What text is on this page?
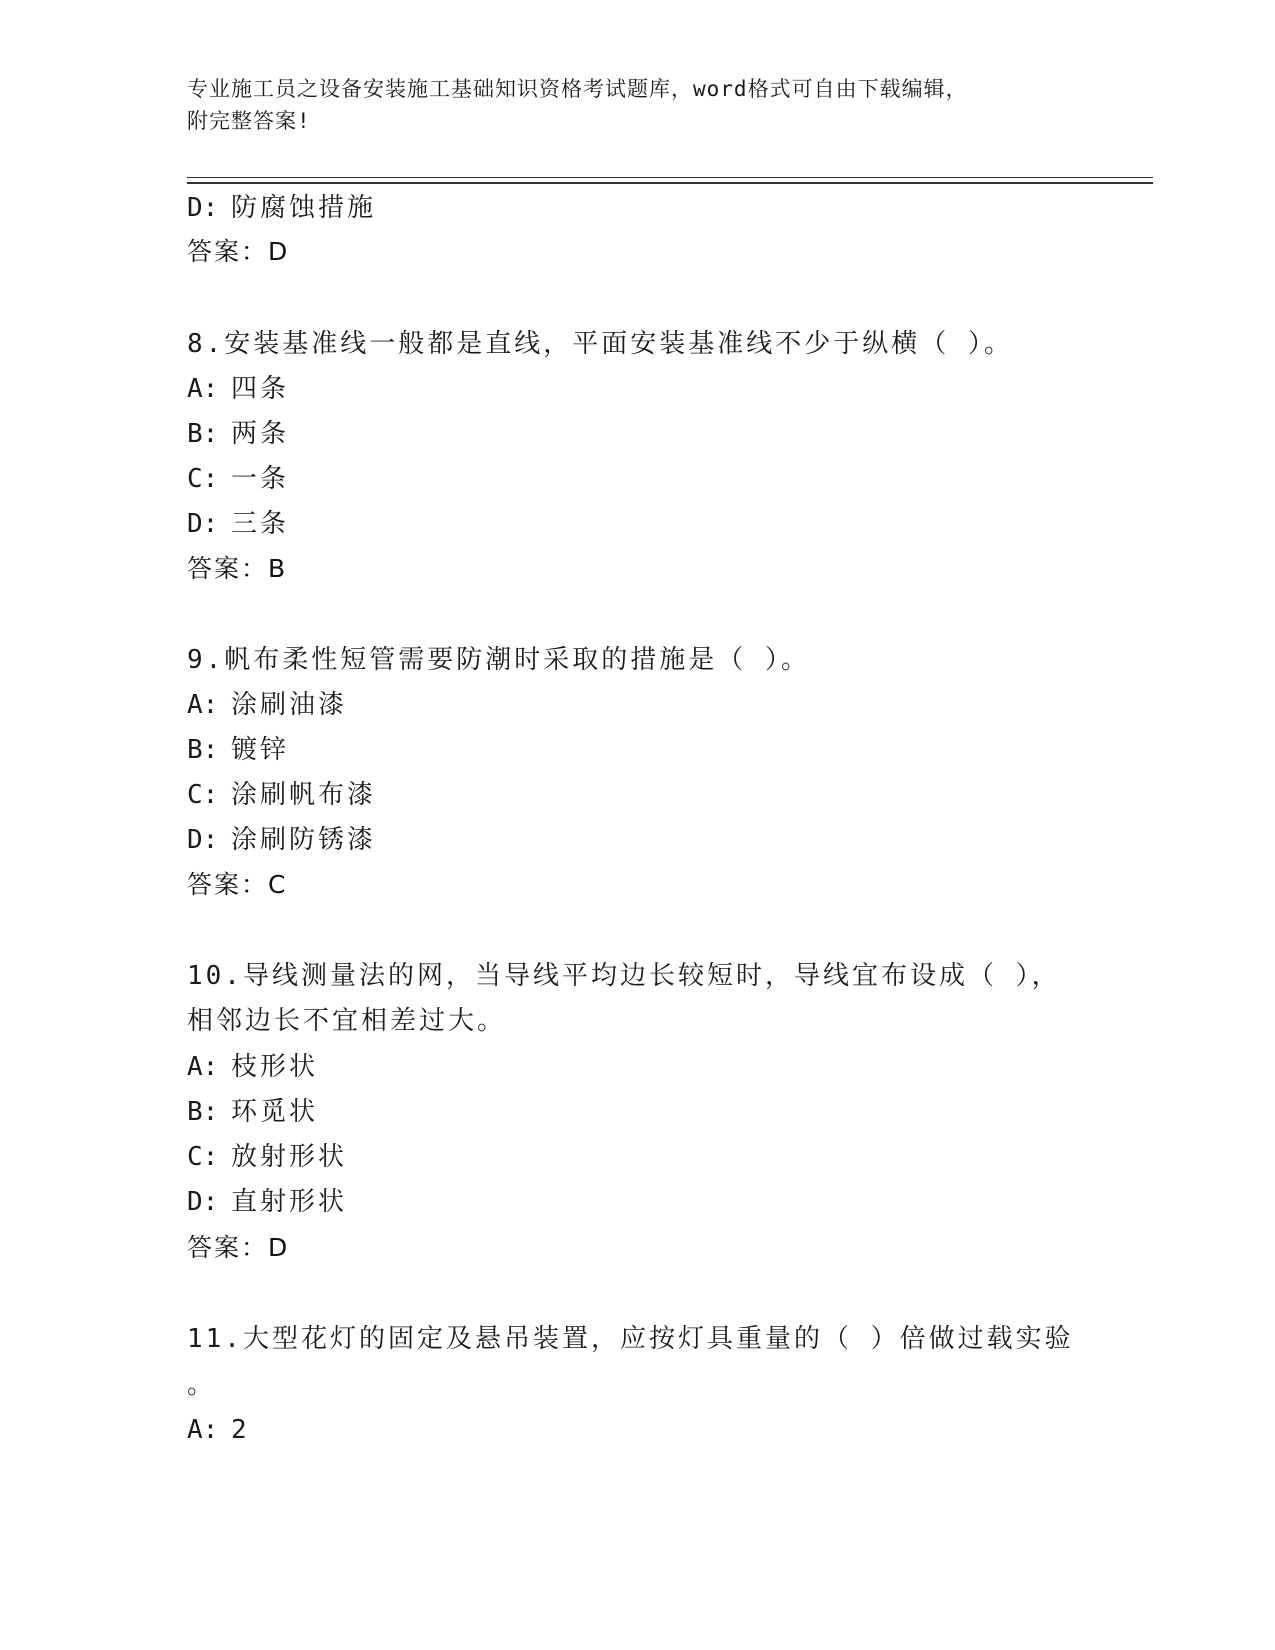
专业施工员之设备安装施工基础知识资格考试题库，word格式可自由下载编辑，
附完整答案!
D: 防腐蚀措施
答案：D
8.安装基准线一般都是直线，平面安装基准线不少于纵横（ ）。
A: 四条
B: 两条
C: 一条
D: 三条
答案：B
9.帆布柔性短管需要防潮时采取的措施是（ ）。
A: 涂刷油漆
B: 镀锌
C: 涂刷帆布漆
D: 涂刷防锈漆
答案：C
10.导线测量法的网，当导线平均边长较短时，导线宜布设成（ ），
相邻边长不宜相差过大。
A: 枝形状
B: 环觅状
C: 放射形状
D: 直射形状
答案：D
11.大型花灯的固定及悬吊装置，应按灯具重量的（ ）倍做过载实验
。
A: 2
